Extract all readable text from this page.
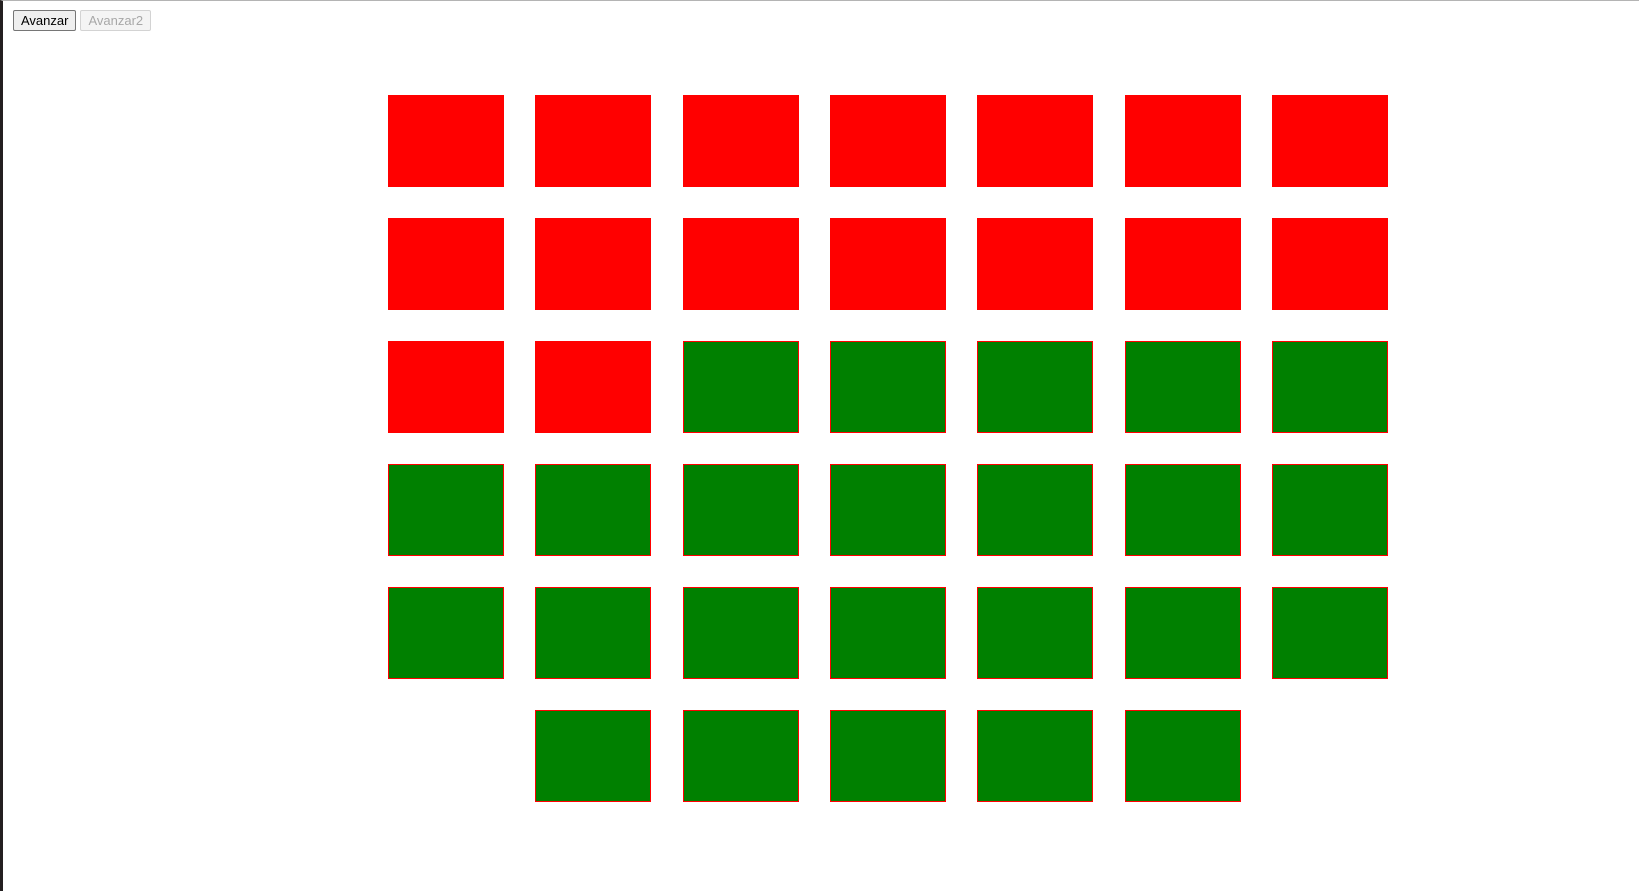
Avanzar	Avanzar2
